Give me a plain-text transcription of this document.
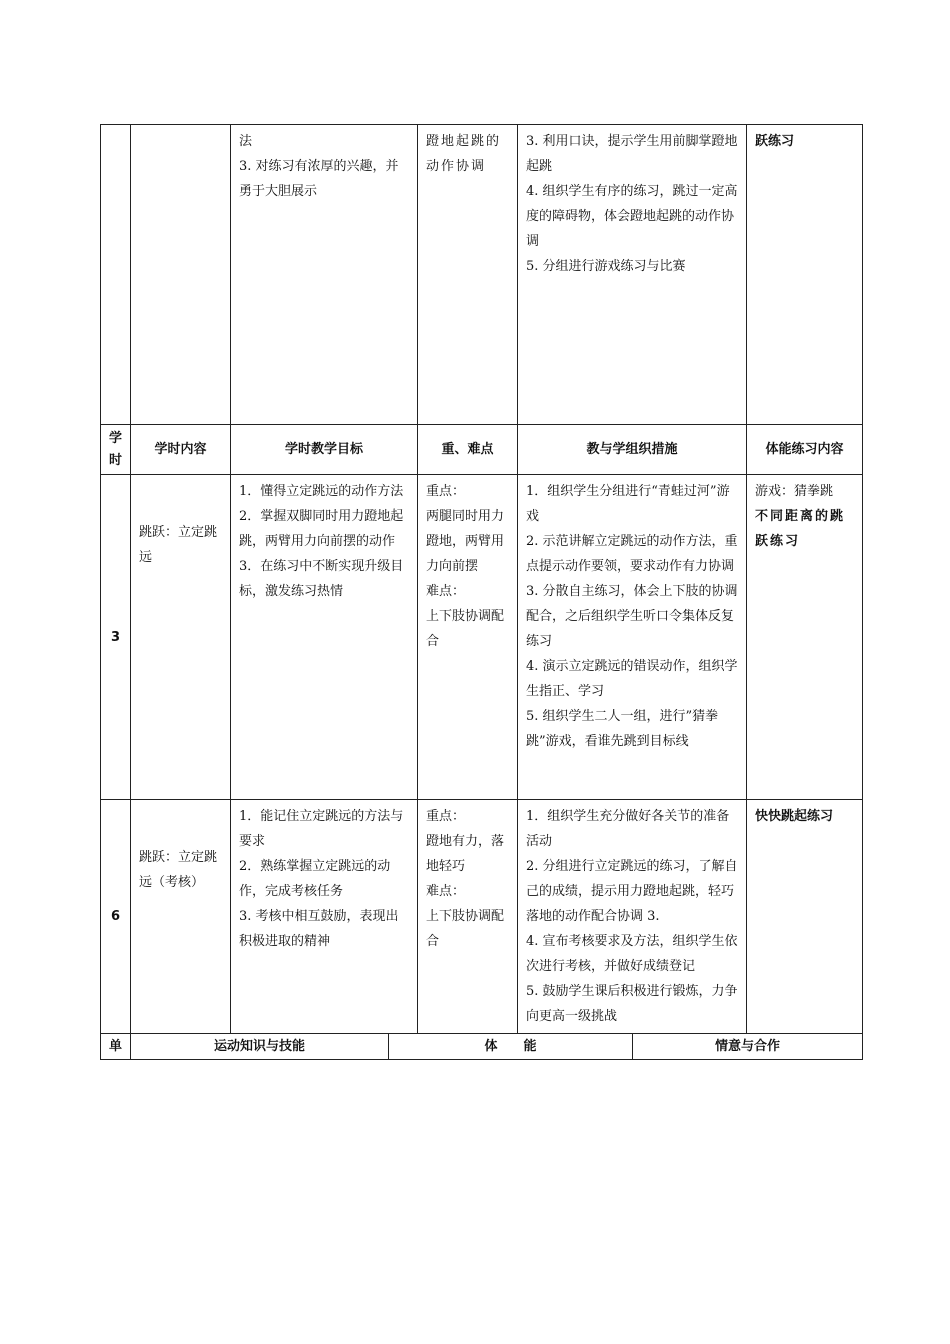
		法
3. 对练习有浓厚的兴趣，并勇于大胆展示	蹬地起跳的动作协调	3. 利用口诀，提示学生用前脚掌蹬地起跳
4. 组织学生有序的练习，跳过一定高度的障碍物，体会蹬地起跳的动作协调
5. 分组进行游戏练习与比赛	跃练习

学时	学时内容	学时教学目标	重、难点	教与学组织措施	体能练习内容
3	跳跃：立定跳远	1．懂得立定跳远的动作方法
2．掌握双脚同时用力蹬地起跳，两臂用力向前摆的动作
3．在练习中不断实现升级目标，激发练习热情	重点：
两腿同时用力蹬地，两臂用力向前摆
难点：
上下肢协调配合	1．组织学生分组进行“青蛙过河”游戏
2. 示范讲解立定跳远的动作方法，重点提示动作要领，要求动作有力协调
3. 分散自主练习，体会上下肢的协调配合，之后组织学生听口令集体反复练习
4. 演示立定跳远的错误动作，组织学生指正、学习
5. 组织学生二人一组，进行”猜拳跳”游戏，看谁先跳到目标线	游戏：猜拳跳
不同距离的跳跃练习

6	跳跃：立定跳远（考核）	1．能记住立定跳远的方法与要求
2．熟练掌握立定跳远的动作，完成考核任务
3. 考核中相互鼓励，表现出积极进取的精神	重点：
蹬地有力，落地轻巧
难点：
上下肢协调配合	1．组织学生充分做好各关节的准备活动
2. 分组进行立定跳远的练习，了解自己的成绩，提示用力蹬地起跳，轻巧落地的动作配合协调 3.
4. 宣布考核要求及方法，组织学生依次进行考核，并做好成绩登记
5. 鼓励学生课后积极进行锻炼，力争向更高一级挑战	快快跳起练习
单	运动知识与技能	体　　能	情意与合作
